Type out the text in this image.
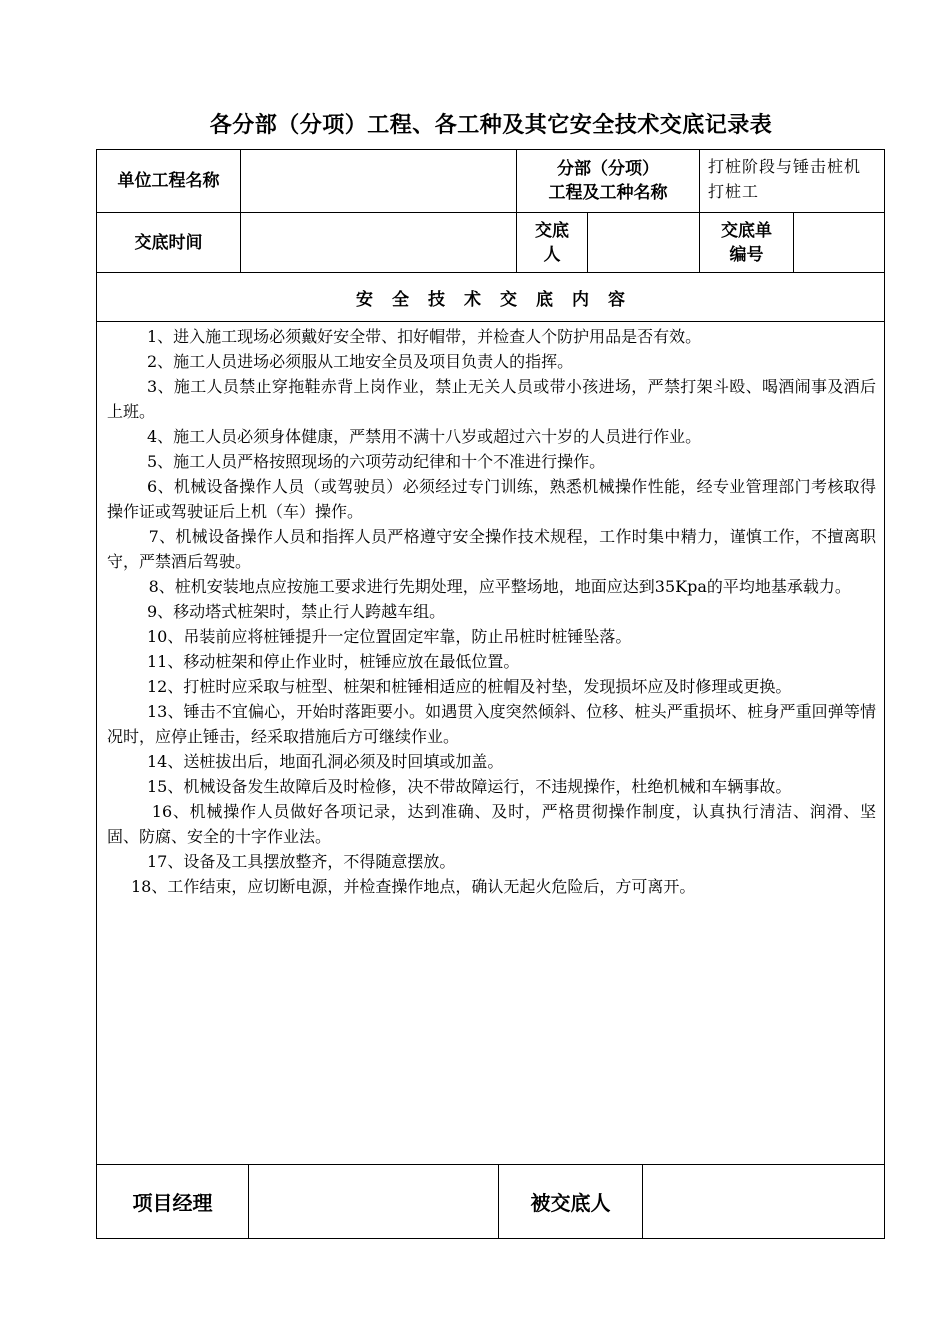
各分部（分项）工程、各工种及其它安全技术交底记录表
单位工程名称
分部（分项）
工程及工种名称
打桩阶段与锤击桩机打桩工
交底时间
交底
人
交底单
编号
安全技术交底内容

1、进入施工现场必须戴好安全带、扣好帽带，并检查人个防护用品是否有效。

2、施工人员进场必须服从工地安全员及项目负责人的指挥。

3、施工人员禁止穿拖鞋赤背上岗作业，禁止无关人员或带小孩进场，严禁打架斗殴、喝酒闹事及酒后上班。

4、施工人员必须身体健康，严禁用不满十八岁或超过六十岁的人员进行作业。

5、施工人员严格按照现场的六项劳动纪律和十个不准进行操作。

6、机械设备操作人员（或驾驶员）必须经过专门训练，熟悉机械操作性能，经专业管理部门考核取得操作证或驾驶证后上机（车）操作。

7、机械设备操作人员和指挥人员严格遵守安全操作技术规程，工作时集中精力，谨慎工作，不擅离职守，严禁酒后驾驶。

8、桩机安装地点应按施工要求进行先期处理，应平整场地，地面应达到35Kpa的平均地基承载力。

9、移动塔式桩架时，禁止行人跨越车组。

10、吊装前应将桩锤提升一定位置固定牢靠，防止吊桩时桩锤坠落。

11、移动桩架和停止作业时，桩锤应放在最低位置。

12、打桩时应采取与桩型、桩架和桩锤相适应的桩帽及衬垫，发现损坏应及时修理或更换。

13、锤击不宜偏心，开始时落距要小。如遇贯入度突然倾斜、位移、桩头严重损坏、桩身严重回弹等情况时，应停止锤击，经采取措施后方可继续作业。

14、送桩拔出后，地面孔洞必须及时回填或加盖。

15、机械设备发生故障后及时检修，决不带故障运行，不违规操作，杜绝机械和车辆事故。

16、机械操作人员做好各项记录，达到准确、及时，严格贯彻操作制度，认真执行清洁、润滑、坚固、防腐、安全的十字作业法。

17、设备及工具摆放整齐，不得随意摆放。

18、工作结束，应切断电源，并检查操作地点，确认无起火危险后，方可离开。

项目经理	被交底人
